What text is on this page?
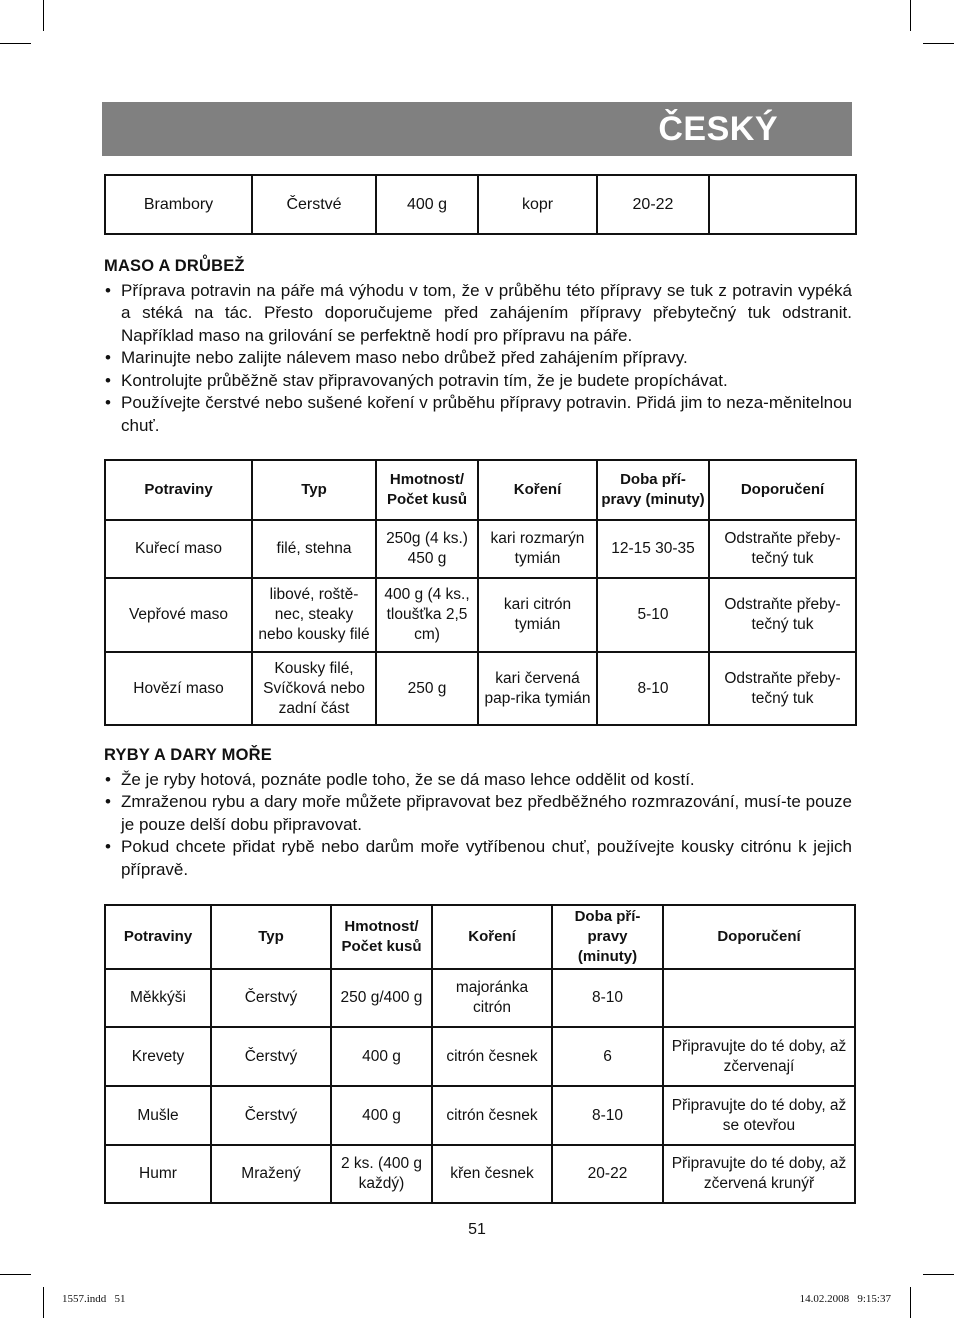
ČESKÝ
Brambory	Čerstvé	400 g	kopr	20-22	
MASO A DRŮBEŽ
• Příprava potravin na páře má výhodu v tom, že v průběhu této přípravy se tuk z potravin vypéká a stéká na tác. Přesto doporučujeme před zahájením přípravy přebytečný tuk odstranit. Například maso na grilování se perfektně hodí pro přípravu na páře.
• Marinujte nebo zalijte nálevem maso nebo drůbež před zahájením přípravy.
• Kontrolujte průběžně stav připravovaných potravin tím, že je budete propíchávat.
• Používejte čerstvé nebo sušené koření v průběhu přípravy potravin. Přidá jim to neza-měnitelnou chuť.
Potraviny	Typ	Hmotnost/ Počet kusů	Koření	Doba pří-pravy (minuty)	Doporučení
Kuřecí maso	filé, stehna	250g (4 ks.) 450 g	kari rozmarýn tymián	12-15 30-35	Odstraňte přeby-tečný tuk
Vepřové maso	libové, roště-nec, steaky nebo kousky filé	400 g (4 ks., tloušťka 2,5 cm)	kari citrón tymián	5-10	Odstraňte přeby-tečný tuk
Hovězí maso	Kousky filé, Svíčková nebo zadní část	250 g	kari červená pap-rika tymián	8-10	Odstraňte přeby-tečný tuk
RYBY A DARY MOŘE
• Že je ryby hotová, poznáte podle toho, že se dá maso lehce oddělit od kostí.
• Zmraženou rybu a dary moře můžete připravovat bez předběžného rozmrazování, musí-te pouze je pouze delší dobu připravovat.
• Pokud chcete přidat rybě nebo darům moře vytříbenou chuť, používejte kousky citrónu k jejich přípravě.
Potraviny	Typ	Hmotnost/ Počet kusů	Koření	Doba pří-pravy (minuty)	Doporučení
Měkkýši	Čerstvý	250 g/400 g	majoránka citrón	8-10	
Krevety	Čerstvý	400 g	citrón česnek	6	Připravujte do té doby, až zčervenají
Mušle	Čerstvý	400 g	citrón česnek	8-10	Připravujte do té doby, až se otevřou
Humr	Mražený	2 ks. (400 g každý)	křen česnek	20-22	Připravujte do té doby, až zčervená krunýř
51
1557.indd   51	14.02.2008   9:15:37
